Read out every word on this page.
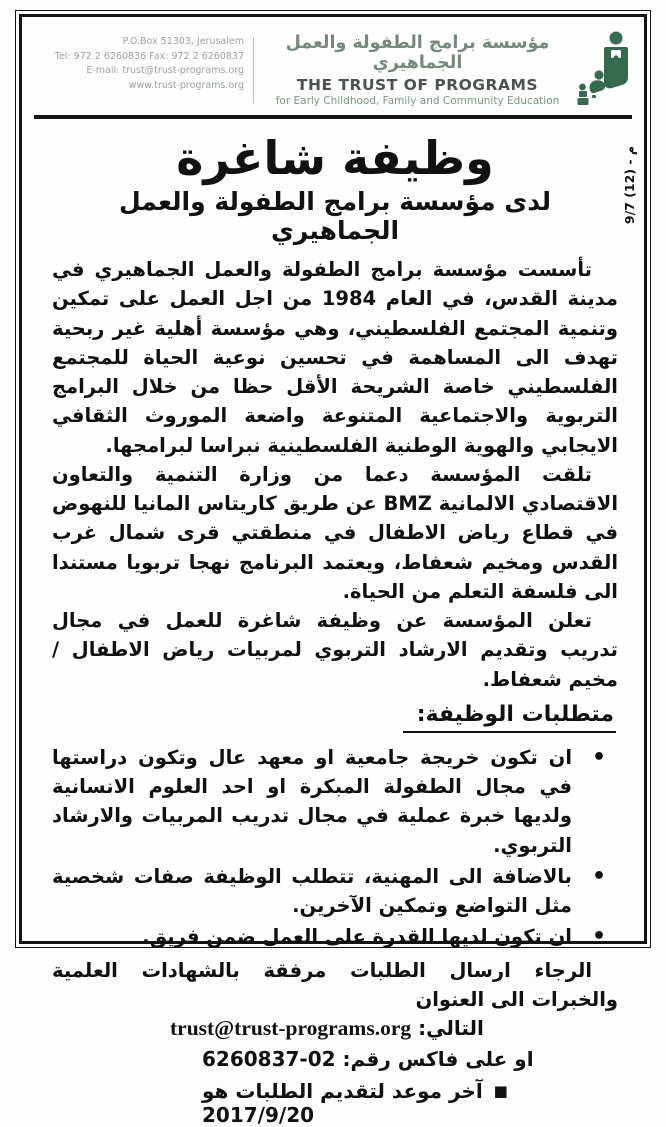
P.O.Box 51303, Jerusalem
Tel: 972 2 6260836 Fax: 972 2 6260837
E-mail: trust@trust-programs.org
www.trust-programs.org
مؤسسة برامج الطفولة والعمل الجماهيري
THE TRUST OF PROGRAMS
for Early Childhood, Family and Community Education
م - (12) 9/7
وظيفة شاغرة
لدى مؤسسة برامج الطفولة والعمل الجماهيري

تأسست مؤسسة برامج الطفولة والعمل الجماهيري في مدينة القدس، في العام 1984 من اجل العمل على تمكين وتنمية المجتمع الفلسطيني، وهي مؤسسة أهلية غير ربحية تهدف الى المساهمة في تحسين نوعية الحياة للمجتمع الفلسطيني خاصة الشريحة الأقل حظا من خلال البرامج التربوية والاجتماعية المتنوعة واضعة الموروث الثقافي الايجابي والهوية الوطنية الفلسطينية نبراسا لبرامجها.

تلقت المؤسسة دعما من وزارة التنمية والتعاون الاقتصادي الالمانية BMZ عن طريق كاريتاس المانيا للنهوض في قطاع رياض الاطفال في منطقتي قرى شمال غرب القدس ومخيم شعفاط، ويعتمد البرنامج نهجا تربويا مستندا الى فلسفة التعلم من الحياة.

تعلن المؤسسة عن وظيفة شاغرة للعمل في مجال تدريب وتقديم الارشاد التربوي لمربيات رياض الاطفال /مخيم شعفاط.

متطلبات الوظيفة:
•
ان تكون خريجة جامعية او معهد عال وتكون دراستها في مجال الطفولة المبكرة او احد العلوم الانسانية ولديها خبرة عملية في مجال تدريب المربيات والارشاد التربوي.
•
بالاضافة الى المهنية، تتطلب الوظيفة صفات شخصية مثل التواضع وتمكين الآخرين.
•
ان تكون لديها القدرة على العمل ضمن فريق.

الرجاء ارسال الطلبات مرفقة بالشهادات العلمية والخبرات الى العنوان

التالي: trust@trust-programs.org
او على فاكس رقم: 02-6260837
■ آخر موعد لتقديم الطلبات هو 2017/9/20
